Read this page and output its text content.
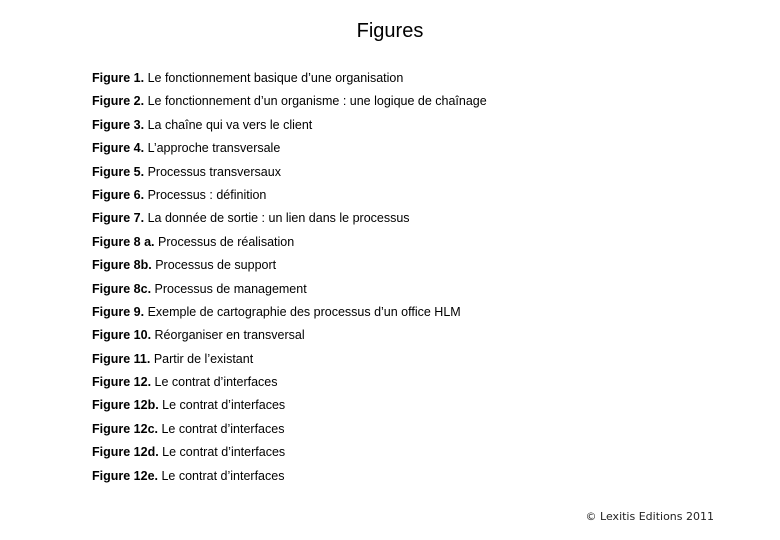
Figures
Figure 1. Le fonctionnement basique d’une organisation
Figure 2. Le fonctionnement d’un organisme : une logique de chaînage
Figure 3. La chaîne qui va vers le client
Figure 4. L’approche transversale
Figure 5. Processus transversaux
Figure 6. Processus : définition
Figure 7. La donnée de sortie : un lien dans le processus
Figure 8 a. Processus de réalisation
Figure 8b. Processus de support
Figure 8c. Processus de management
Figure 9. Exemple de cartographie des processus d’un office HLM
Figure 10. Réorganiser en transversal
Figure 11. Partir de l’existant
Figure 12. Le contrat d’interfaces
Figure 12b. Le contrat d’interfaces
Figure 12c. Le contrat d’interfaces
Figure 12d. Le contrat d’interfaces
Figure 12e. Le contrat d’interfaces
© Lexitis Editions 2011
